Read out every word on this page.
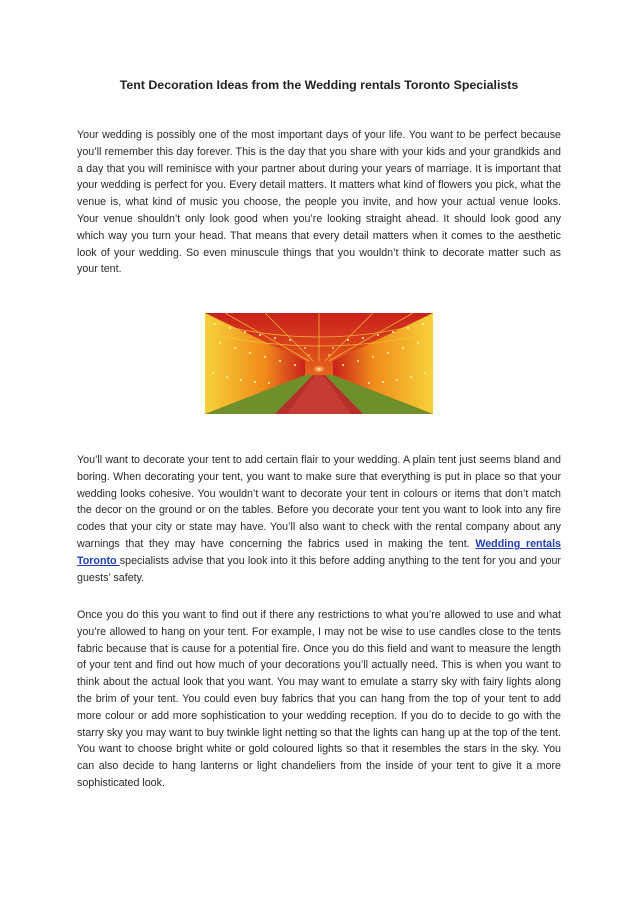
Tent Decoration Ideas from the Wedding rentals Toronto Specialists

Your wedding is possibly one of the most important days of your life. You want to be perfect because you’ll remember this day forever. This is the day that you share with your kids and your grandkids and a day that you will reminisce with your partner about during your years of marriage. It is important that your wedding is perfect for you. Every detail matters. It matters what kind of flowers you pick, what the venue is, what kind of music you choose, the people you invite, and how your actual venue looks. Your venue shouldn’t only look good when you’re looking straight ahead. It should look good any which way you turn your head. That means that every detail matters when it comes to the aesthetic look of your wedding. So even minuscule things that you wouldn’t think to decorate matter such as your tent.

You’ll want to decorate your tent to add certain flair to your wedding. A plain tent just seems bland and boring. When decorating your tent, you want to make sure that everything is put in place so that your wedding looks cohesive. You wouldn’t want to decorate your tent in colours or items that don’t match the decor on the ground or on the tables. Before you decorate your tent you want to look into any fire codes that your city or state may have. You’ll also want to check with the rental company about any warnings that they may have concerning the fabrics used in making the tent. Wedding rentals Toronto specialists advise that you look into it this before adding anything to the tent for you and your guests’ safety.

Once you do this you want to find out if there any restrictions to what you’re allowed to use and what you’re allowed to hang on your tent. For example, I may not be wise to use candles close to the tents fabric because that is cause for a potential fire. Once you do this field and want to measure the length of your tent and find out how much of your decorations you’ll actually need. This is when you want to think about the actual look that you want. You may want to emulate a starry sky with fairy lights along the brim of your tent. You could even buy fabrics that you can hang from the top of your tent to add more colour or add more sophistication to your wedding reception. If you do to decide to go with the starry sky you may want to buy twinkle light netting so that the lights can hang up at the top of the tent. You want to choose bright white or gold coloured lights so that it resembles the stars in the sky. You can also decide to hang lanterns or light chandeliers from the inside of your tent to give it a more sophisticated look.
